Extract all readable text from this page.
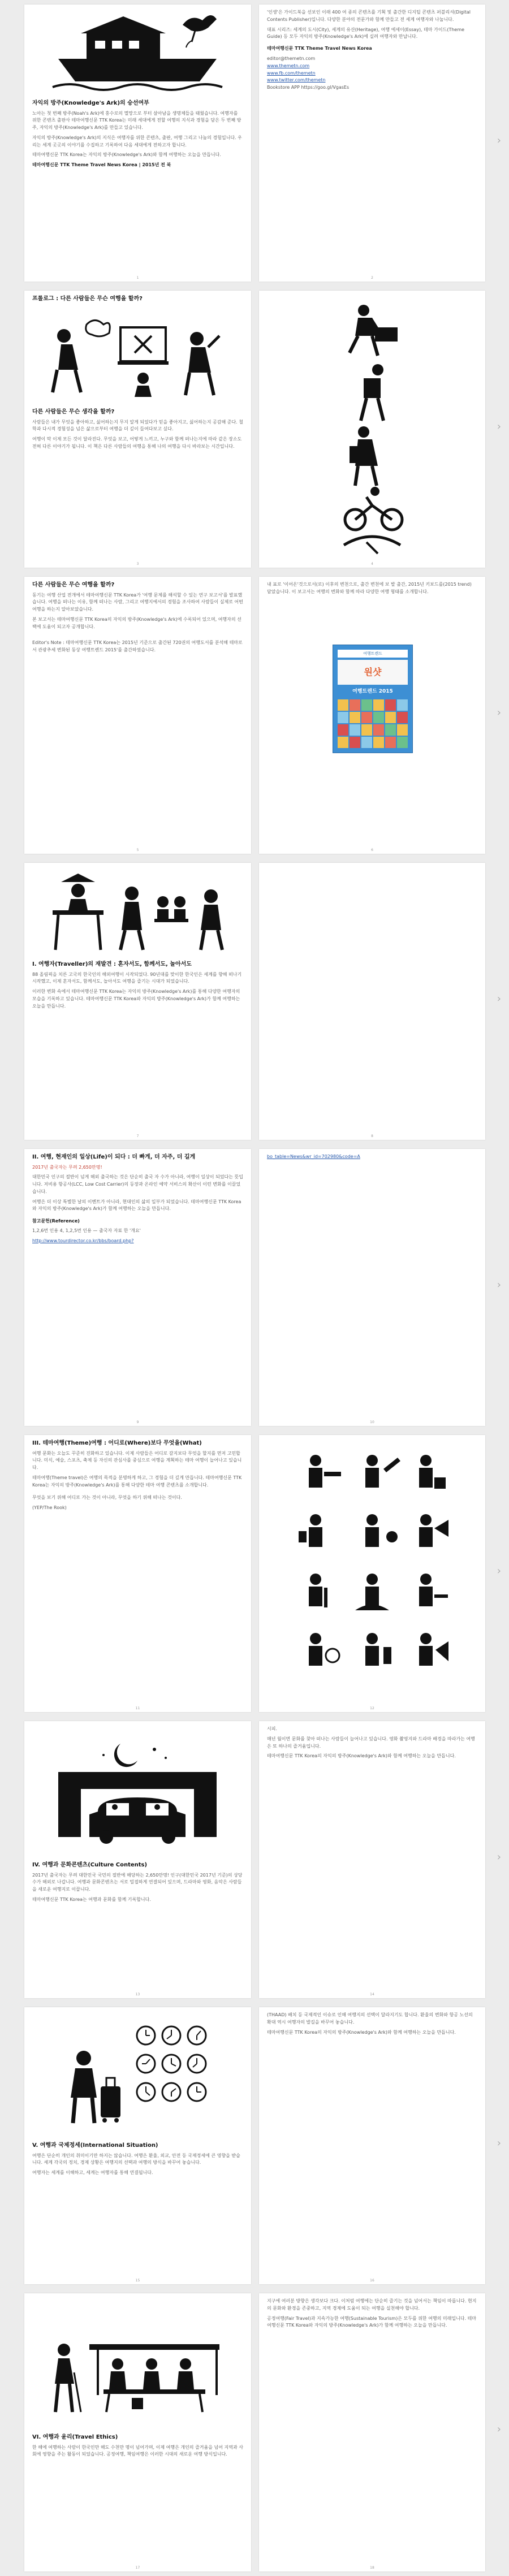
자익의 방주(Knowledge's Ark)의 승선여부

노아는 첫 번째 방주(Noah's Ark)에 홍수로의 멸망으로 부터 살아남을 생명체들을 태웠습니다. 여행자를 위한 콘텐츠 출판사 테마여행신문 TTK Korea는 미래 세대에게 전할 여행의 지식과 경험을 담은 두 번째 방주, 자익의 방주(Knowledge's Ark)를 만들고 있습니다.

자익의 방주(Knowledge's Ark)의 지식은 여행자를 위한 콘텐츠, 출판, 여행 그리고 나눔의 경험입니다. 우리는 세계 곳곳의 이야기를 수집하고 기록하여 다음 세대에게 전하고자 합니다.

테마여행신문 TTK Korea는 자익의 방주(Knowledge's Ark)와 함께 여행하는 오늘을 만듭니다.

테마여행신문 TTK Theme Travel News Korea | 2015년 전 북

1

'인생'은 가이드북을 선보인 이래 400 여 종의 콘텐츠를 기획 및 출간한 디지털 콘텐츠 퍼블리셔(Digital Contents Publisher)입니다. 다양한 분야의 전문가와 함께 만들고 전 세계 여행자와 나눕니다.

대표 시리즈: 세계의 도시(City), 세계의 유산(Heritage), 여행 에세이(Essay), 테마 가이드(Theme Guide) 등 모두 자익의 방주(Knowledge's Ark)에 실려 여행자와 만납니다.

테마여행신문 TTK Theme Travel News Korea

editor@themetn.com

www.themetn.com

www.fb.com/themetn

www.twitter.com/themetn

Bookstore APP https://goo.gl/VgasEs

2
›

프롤로그 : 다른 사람들은 무슨 여행을 할까?

다른 사람들은 무슨 생각을 할까?

사람들은 내가 무엇을 좋아하고, 싫어하는지 무지 알게 되었다가 믿을 좋아지고, 싫어하는지 공감해 준다. 철학과 다시적 경험성을 넘은 삶으로부터 여행을 더 깊이 들여다보고 싶다.

여행이 막 이제 모든 것이 달라진다. 무엇을 보고, 어떻게 느끼고, 누구와 함께 떠나는지에 따라 같은 장소도 전혀 다른 이야기가 됩니다. 이 책은 다른 사람들의 여행을 통해 나의 여행을 다시 바라보는 시간입니다.

3	4
›

다른 사람들은 무슨 여행을 할까?

동기는 여행 산업 전개에서 테마여행신문 TTK Korea가 '여행 문제를 해석할 수 있는 연구 보고서'를 발표했습니다. 여행을 떠나는 이유, 함께 떠나는 사람, 그리고 여행지에서의 경험을 조사하여 사람들이 실제로 어떤 여행을 하는지 알아보았습니다.

본 보고서는 테마여행신문 TTK Korea의 자익의 방주(Knowledge's Ark)에 수록되어 있으며, 여행자의 선택에 도움이 되고자 공개합니다.

Editor's Note : 테마여행신문 TTK Korea는 2015년 기준으로 출간된 720권의 여행도서를 분석해 테마로서 관광추세 변화된 동상 여행트렌드 2015'를 출간하였습니다.

5

내 표로 '이어온'것으로서(로) 이후의 변천으로, 출간 변천에 보 발 출간, 2015년 키보드를(2015 trend) 담았습니다. 이 보고서는 여행의 변화와 함께 따라 다양한 여행 형태를 소개합니다.

여행트렌드
원샷
여행트렌드 2015
6
›

I. 여행자(Traveller)의 재발견 : 혼자서도, 함께서도, 놀아서도

88 올림픽을 치른 고국의 한국인의 해외여행이 시작되었다. 90년대를 맞이한 한국인은 세계를 향해 떠나기 시작했고, 이제 혼자서도, 함께서도, 놀아서도 여행을 즐기는 시대가 되었습니다.

이러한 변화 속에서 테마여행신문 TTK Korea는 자익의 방주(Knowledge's Ark)를 통해 다양한 여행자의 모습을 기록하고 있습니다. 테마여행신문 TTK Korea와 자익의 방주(Knowledge's Ark)가 함께 여행하는 오늘을 만듭니다.

7	8
›

II. 여행, 현재인의 일상(Life)이 되다 : 더 빠게, 더 자주, 더 길게

2017년 출국자는 무려 2,650만명!

대한민국 인구의 절반이 넘게 해외 출국하는 것은 단순히 출국 자 수가 아니라, 여행이 일상이 되었다는 뜻입니다. 저비용 항공사(LCC, Low Cost Carrier)의 등장과 온라인 예약 서비스의 확산이 이런 변화를 이끌었습니다.

여행은 더 이상 특별한 날의 이벤트가 아니라, 현대인의 삶의 일부가 되었습니다. 테마여행신문 TTK Korea와 자익의 방주(Knowledge's Ark)가 함께 여행하는 오늘을 만듭니다.

참고문헌(Reference)

1,2,6번 인용 4, 1,2,5번 인용 — 출국자 자료 한 '개요'

http://www.tourdirector.co.kr/bbs/board.php?

9

bo_table=News&wr_id=702980&code=A

10
›

III. 테마여행(Theme)여행 : 어디로(Where)보다 무엇을(What)

여행 문화는 오늘도 꾸준히 진화하고 있습니다. 이제 사람들은 어디로 갈지보다 무엇을 할지를 먼저 고민합니다. 미식, 예술, 스포츠, 축제 등 자신의 관심사를 중심으로 여행을 계획하는 테마 여행이 늘어나고 있습니다.

테마여행(Theme travel)은 여행의 목적을 분명하게 하고, 그 경험을 더 깊게 만듭니다. 테마여행신문 TTK Korea는 자익의 방주(Knowledge's Ark)를 통해 다양한 테마 여행 콘텐츠를 소개합니다.

무엇을 보기 위해 어디로 가는 것이 아니라, 무엇을 하기 위해 떠나는 것이다.

(YEP/The Rook)

11	12
›

IV. 여행과 문화콘텐츠(Culture Contents)

2017년 출국자는 무려 대한민국 국민의 절반에 해당하는 2,650만명! 인구(대한민국 2017년 기준)의 상당수가 해외로 나갑니다. 여행과 문화콘텐츠는 서로 밀접하게 연결되어 있으며, 드라마와 영화, 음악은 사람들을 새로운 여행지로 이끕니다.

테마여행신문 TTK Korea는 여행과 문화를 함께 기록합니다.

13

시피.

매년 월이면 문화를 찾아 떠나는 사람들이 늘어나고 있습니다. 영화 촬영지와 드라마 배경을 따라가는 여행은 또 하나의 즐거움입니다.

테마여행신문 TTK Korea의 자익의 방주(Knowledge's Ark)와 함께 여행하는 오늘을 만듭니다.

14
›

V. 여행과 국제정세(International Situation)

여행은 단순히 개인의 취미이기만 하지는 않습니다. 여행은 환율, 외교, 안전 등 국제정세에 큰 영향을 받습니다. 세계 각국의 정치, 경제 상황은 여행지의 선택과 여행의 방식을 바꾸어 놓습니다.

여행자는 세계를 이해하고, 세계는 여행자를 통해 연결됩니다.

15

(THAAD) 배치 등 국제적인 이슈로 인해 여행지의 선택이 달라지기도 합니다. 환율의 변화와 항공 노선의 확대 역시 여행자의 발길을 바꾸어 놓습니다.

테마여행신문 TTK Korea의 자익의 방주(Knowledge's Ark)와 함께 여행하는 오늘을 만듭니다.

16
›

VI. 여행과 윤리(Travel Ethics)

한 해에 여행하는 사람이 한국인만 해도 수천만 명이 넘어가며, 이제 여행은 개인의 즐거움을 넘어 지역과 사회에 영향을 주는 활동이 되었습니다. 공정여행, 책임여행은 이러한 시대의 새로운 여행 방식입니다.

17

지구에 여러분 방향은 생각보다 크다. 이처럼 여행에는 단순히 즐기는 것을 넘어서는 책임이 따릅니다. 현지의 문화와 환경을 존중하고, 지역 경제에 도움이 되는 여행을 실천해야 합니다.

공정여행(Fair Travel)과 지속가능한 여행(Sustainable Tourism)은 모두를 위한 여행의 미래입니다. 테마여행신문 TTK Korea와 자익의 방주(Knowledge's Ark)가 함께 여행하는 오늘을 만듭니다.

18
›
